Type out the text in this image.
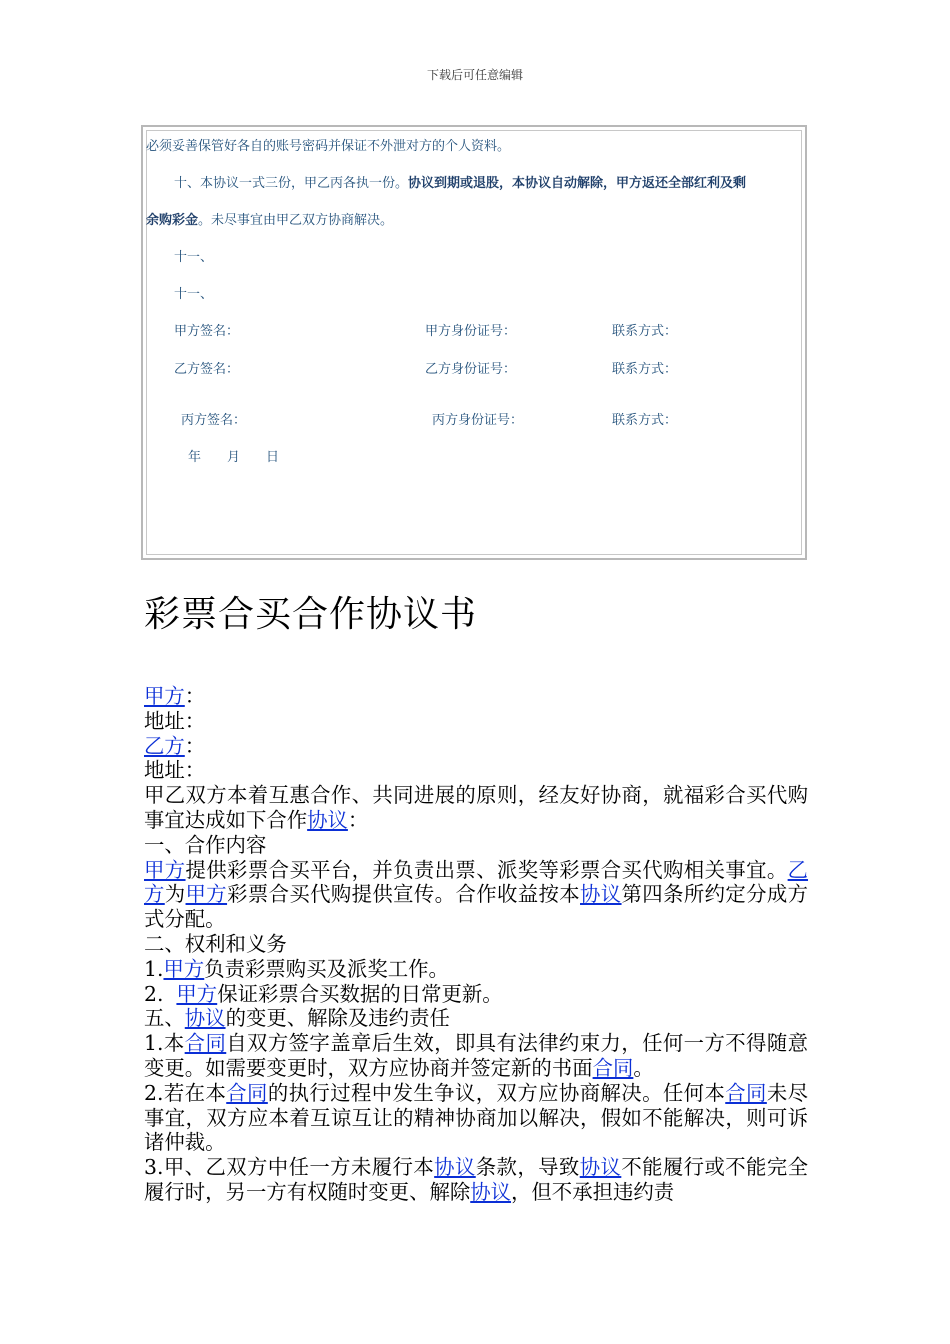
下载后可任意编辑
必须妥善保管好各自的账号密码并保证不外泄对方的个人资料。
十、本协议一式三份，甲乙丙各执一份。协议到期或退股，本协议自动解除，甲方返还全部红利及剩
余购彩金。未尽事宜由甲乙双方协商解决。
十一、
十一、
甲方签名：	甲方身份证号：	联系方式：
乙方签名：	乙方身份证号：	联系方式：
丙方签名：	丙方身份证号：	联系方式：
年　　月　　日
彩票合买合作协议书

甲方：

地址：

乙方：

地址：

甲乙双方本着互惠合作、共同进展的原则，经友好协商，就福彩合买代购事宜达成如下合作协议：

一、合作内容

甲方提供彩票合买平台，并负责出票、派奖等彩票合买代购相关事宜。乙方为甲方彩票合买代购提供宣传。合作收益按本协议第四条所约定分成方式分配。

二、权利和义务

1.甲方负责彩票购买及派奖工作。

2.  甲方保证彩票合买数据的日常更新。

五、协议的变更、解除及违约责任

1.本合同自双方签字盖章后生效，即具有法律约束力，任何一方不得随意变更。如需要变更时，双方应协商并签定新的书面合同。

2.若在本合同的执行过程中发生争议，双方应协商解决。任何本合同未尽事宜，双方应本着互谅互让的精神协商加以解决，假如不能解决，则可诉诸仲裁。

3.甲、乙双方中任一方未履行本协议条款，导致协议不能履行或不能完全履行时，另一方有权随时变更、解除协议，但不承担违约责
